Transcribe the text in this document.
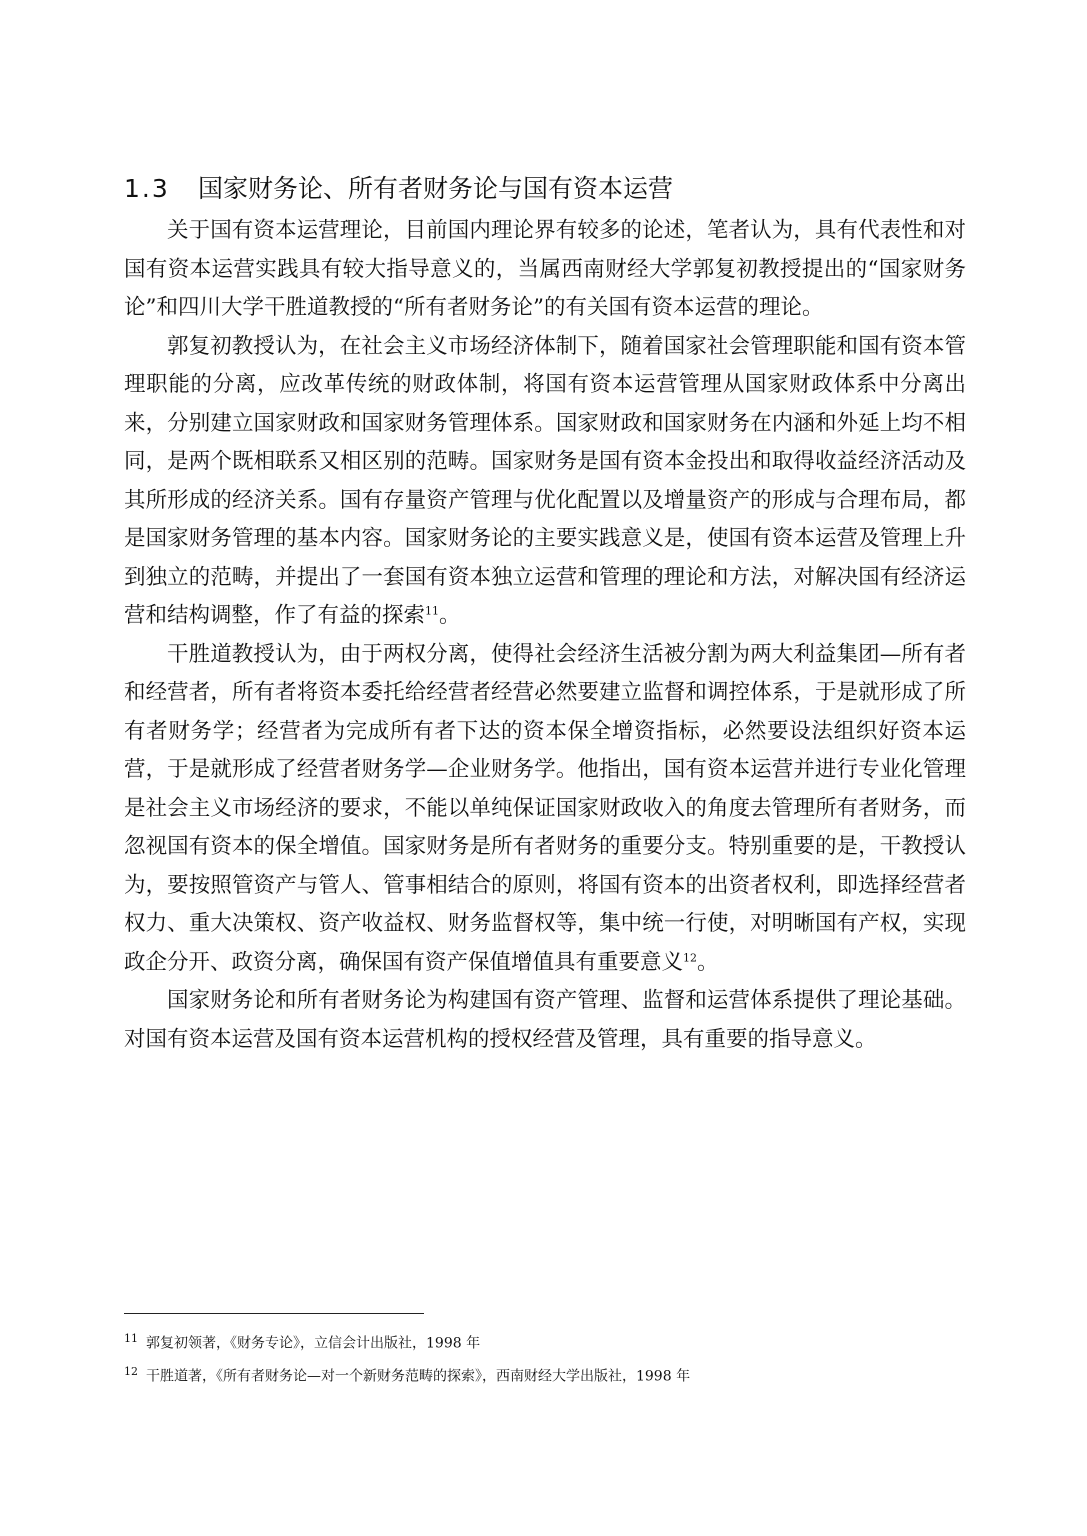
1.3 国家财务论、所有者财务论与国有资本运营

关于国有资本运营理论，目前国内理论界有较多的论述，笔者认为，具有代表性和对国有资本运营实践具有较大指导意义的，当属西南财经大学郭复初教授提出的“国家财务论”和四川大学干胜道教授的“所有者财务论”的有关国有资本运营的理论。

郭复初教授认为，在社会主义市场经济体制下，随着国家社会管理职能和国有资本管理职能的分离，应改革传统的财政体制，将国有资本运营管理从国家财政体系中分离出来，分别建立国家财政和国家财务管理体系。国家财政和国家财务在内涵和外延上均不相同，是两个既相联系又相区别的范畴。国家财务是国有资本金投出和取得收益经济活动及其所形成的经济关系。国有存量资产管理与优化配置以及增量资产的形成与合理布局，都是国家财务管理的基本内容。国家财务论的主要实践意义是，使国有资本运营及管理上升到独立的范畴，并提出了一套国有资本独立运营和管理的理论和方法，对解决国有经济运营和结构调整，作了有益的探索$^{11}$。

干胜道教授认为，由于两权分离，使得社会经济生活被分割为两大利益集团—所有者和经营者，所有者将资本委托给经营者经营必然要建立监督和调控体系，于是就形成了所有者财务学；经营者为完成所有者下达的资本保全增资指标，必然要设法组织好资本运营，于是就形成了经营者财务学—企业财务学。他指出，国有资本运营并进行专业化管理是社会主义市场经济的要求，不能以单纯保证国家财政收入的角度去管理所有者财务，而忽视国有资本的保全增值。国家财务是所有者财务的重要分支。特别重要的是，干教授认为，要按照管资产与管人、管事相结合的原则，将国有资本的出资者权利，即选择经营者权力、重大决策权、资产收益权、财务监督权等，集中统一行使，对明晰国有产权，实现政企分开、政资分离，确保国有资产保值增值具有重要意义$^{12}$。

国家财务论和所有者财务论为构建国有资产管理、监督和运营体系提供了理论基础。对国有资本运营及国有资本运营机构的授权经营及管理，具有重要的指导意义。

$^{11}$ 郭复初领著，《财务专论》，立信会计出版社，1998 年
$^{12}$ 干胜道著，《所有者财务论—对一个新财务范畴的探索》，西南财经大学出版社，1998 年
